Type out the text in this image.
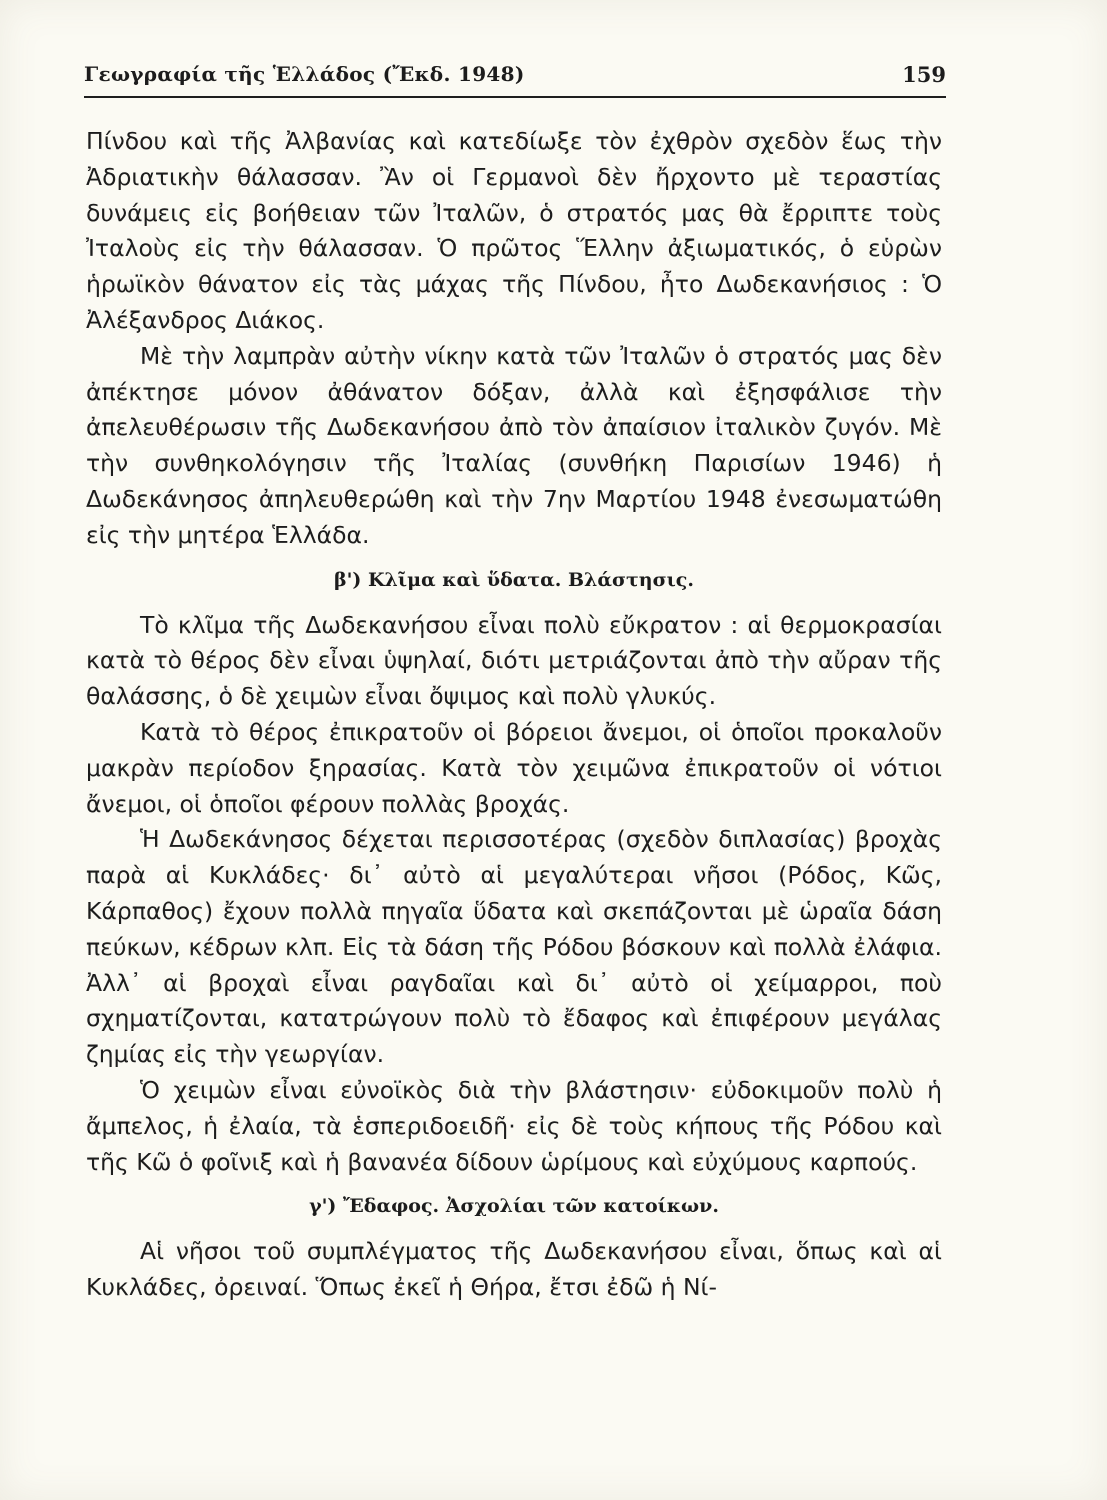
Γεωγραφία τῆς Ἑλλάδος (Ἔκδ. 1948)	159

Πίνδου καὶ τῆς Ἀλβανίας καὶ κατεδίωξε τὸν ἐχθρὸν σχεδὸν ἕως τὴν Ἀδριατικὴν θάλασσαν. Ἂν οἱ Γερμανοὶ δὲν ἤρχοντο μὲ τεραστίας δυνάμεις εἰς βοήθειαν τῶν Ἰταλῶν, ὁ στρατός μας θὰ ἔρριπτε τοὺς Ἰταλοὺς εἰς τὴν θάλασσαν. Ὁ πρῶτος Ἕλλην ἀξιωματικός, ὁ εὑρὼν ἡρωϊκὸν θάνατον εἰς τὰς μάχας τῆς Πίνδου, ἦτο Δωδεκανήσιος : Ὁ Ἀλέξανδρος Διάκος.

Μὲ τὴν λαμπρὰν αὐτὴν νίκην κατὰ τῶν Ἰταλῶν ὁ στρατός μας δὲν ἀπέκτησε μόνον ἀθάνατον δόξαν, ἀλλὰ καὶ ἐξησφάλισε τὴν ἀπελευθέρωσιν τῆς Δωδεκανήσου ἀπὸ τὸν ἀπαίσιον ἰταλικὸν ζυγόν. Μὲ τὴν συνθηκολόγησιν τῆς Ἰταλίας (συνθήκη Παρισίων 1946) ἡ Δωδεκάνησος ἀπηλευθερώθη καὶ τὴν 7ην Μαρτίου 1948 ἐνεσωματώθη εἰς τὴν μητέρα Ἑλλάδα.

β') Κλῖμα καὶ ὕδατα. Βλάστησις.

Τὸ κλῖμα τῆς Δωδεκανήσου εἶναι πολὺ εὔκρατον : αἱ θερμοκρασίαι κατὰ τὸ θέρος δὲν εἶναι ὑψηλαί, διότι μετριάζονται ἀπὸ τὴν αὔραν τῆς θαλάσσης, ὁ δὲ χειμὼν εἶναι ὄψιμος καὶ πολὺ γλυκύς.

Κατὰ τὸ θέρος ἐπικρατοῦν οἱ βόρειοι ἄνεμοι, οἱ ὁποῖοι προκαλοῦν μακρὰν περίοδον ξηρασίας. Κατὰ τὸν χειμῶνα ἐπικρατοῦν οἱ νότιοι ἄνεμοι, οἱ ὁποῖοι φέρουν πολλὰς βροχάς.

Ἡ Δωδεκάνησος δέχεται περισσοτέρας (σχεδὸν διπλασίας) βροχὰς παρὰ αἱ Κυκλάδες· δι᾽ αὐτὸ αἱ μεγαλύτεραι νῆσοι (Ρόδος, Κῶς, Κάρπαθος) ἔχουν πολλὰ πηγαῖα ὕδατα καὶ σκεπάζονται μὲ ὡραῖα δάση πεύκων, κέδρων κλπ. Εἰς τὰ δάση τῆς Ρόδου βόσκουν καὶ πολλὰ ἐλάφια. Ἀλλ᾽ αἱ βροχαὶ εἶναι ραγδαῖαι καὶ δι᾽ αὐτὸ οἱ χείμαρροι, ποὺ σχηματίζονται, κατατρώγουν πολὺ τὸ ἔδαφος καὶ ἐπιφέρουν μεγάλας ζημίας εἰς τὴν γεωργίαν.

Ὁ χειμὼν εἶναι εὐνοϊκὸς διὰ τὴν βλάστησιν· εὐδοκιμοῦν πολὺ ἡ ἄμπελος, ἡ ἐλαία, τὰ ἑσπεριδοειδῆ· εἰς δὲ τοὺς κήπους τῆς Ρόδου καὶ τῆς Κῶ ὁ φοῖνιξ καὶ ἡ βανανέα δίδουν ὡρίμους καὶ εὐχύμους καρπούς.

γ') Ἔδαφος. Ἀσχολίαι τῶν κατοίκων.

Αἱ νῆσοι τοῦ συμπλέγματος τῆς Δωδεκανήσου εἶναι, ὅπως καὶ αἱ Κυκλάδες, ὀρειναί. Ὅπως ἐκεῖ ἡ Θήρα, ἔτσι ἐδῶ ἡ Νί-
